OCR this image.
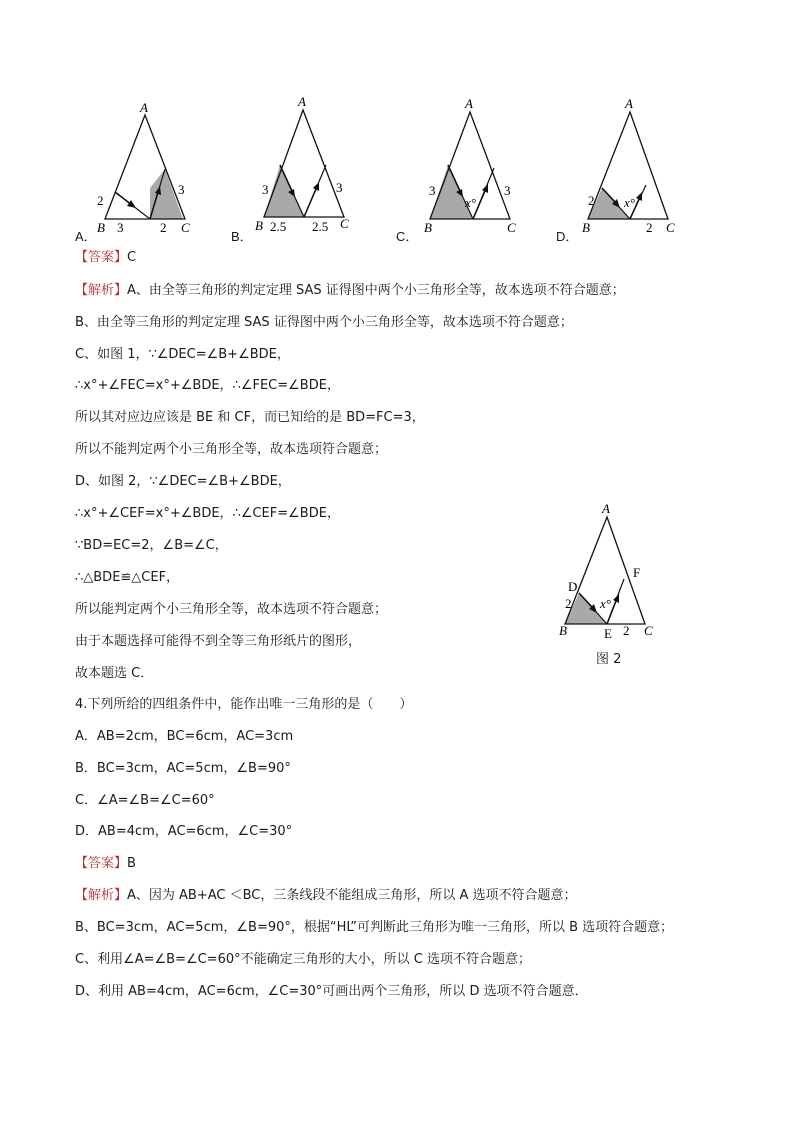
A
B	C
3	2
2
3
A．
A
B	C
2.5 2.5
3	3
B．
A
B	C
x°
3	3
C．
A
B	C
x°
2
2
D．
【答案】C
【解析】A、由全等三角形的判定定理 SAS 证得图中两个小三角形全等，故本选项不符合题意；
B、由全等三角形的判定定理 SAS 证得图中两个小三角形全等，故本选项不符合题意；
C、如图 1，∵∠DEC=∠B+∠BDE，
∴x°+∠FEC=x°+∠BDE，∴∠FEC=∠BDE，
所以其对应边应该是 BE 和 CF，而已知给的是 BD=FC=3，
所以不能判定两个小三角形全等，故本选项符合题意；
D、如图 2，∵∠DEC=∠B+∠BDE，
∴x°+∠CEF=x°+∠BDE，∴∠CEF=∠BDE，
∵BD=EC=2，∠B=∠C，
∴△BDE≌△CEF，
所以能判定两个小三角形全等，故本选项不符合题意；
由于本题选择可能得不到全等三角形纸片的图形，
故本题选 C．
A
B	C
D
E
F
x°
2
2
图 2
4.下列所给的四组条件中，能作出唯一三角形的是（　　）
A．AB=2cm，BC=6cm，AC=3cm
B．BC=3cm，AC=5cm，∠B=90°
C．∠A=∠B=∠C=60°
D．AB=4cm，AC=6cm，∠C=30°
【答案】B
【解析】A、因为 AB+AC ＜BC，三条线段不能组成三角形，所以 A 选项不符合题意；
B、BC=3cm，AC=5cm，∠B=90°，根据“HL”可判断此三角形为唯一三角形，所以 B 选项符合题意；
C、利用∠A=∠B=∠C=60°不能确定三角形的大小，所以 C 选项不符合题意；
D、利用 AB=4cm，AC=6cm，∠C=30°可画出两个三角形，所以 D 选项不符合题意．
